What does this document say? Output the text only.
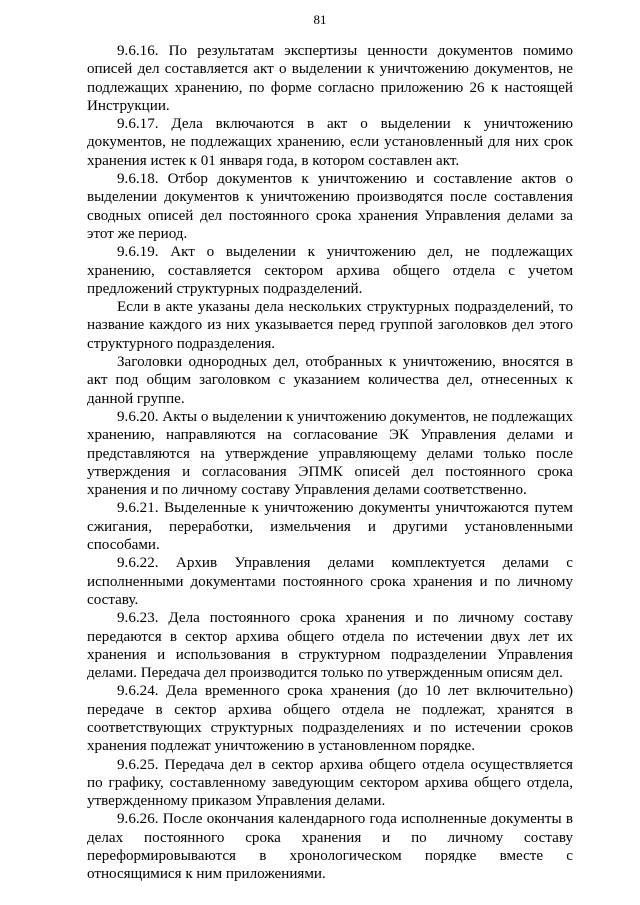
81

9.6.16. По результатам экспертизы ценности документов помимо описей дел составляется акт о выделении к уничтожению документов, не подлежащих хранению, по форме согласно приложению 26 к настоящей Инструкции.

9.6.17. Дела включаются в акт о выделении к уничтожению документов, не подлежащих хранению, если установленный для них срок хранения истек к 01 января года, в котором составлен акт.

9.6.18. Отбор документов к уничтожению и составление актов о выделении документов к уничтожению производятся после составления сводных описей дел постоянного срока хранения Управления делами за этот же период.

9.6.19. Акт о выделении к уничтожению дел, не подлежащих хранению, составляется сектором архива общего отдела с учетом предложений структурных подразделений.

Если в акте указаны дела нескольких структурных подразделений, то название каждого из них указывается перед группой заголовков дел этого структурного подразделения.

Заголовки однородных дел, отобранных к уничтожению, вносятся в акт под общим заголовком с указанием количества дел, отнесенных к данной группе.

9.6.20. Акты о выделении к уничтожению документов, не подлежащих хранению, направляются на согласование ЭК Управления делами и представляются на утверждение управляющему делами только после утверждения и согласования ЭПМК описей дел постоянного срока хранения и по личному составу Управления делами соответственно.

9.6.21. Выделенные к уничтожению документы уничтожаются путем сжигания, переработки, измельчения и другими установленными способами.

9.6.22. Архив Управления делами комплектуется делами с исполненными документами постоянного срока хранения и по личному составу.

9.6.23. Дела постоянного срока хранения и по личному составу передаются в сектор архива общего отдела по истечении двух лет их хранения и использования в структурном подразделении Управления делами. Передача дел производится только по утвержденным описям дел.

9.6.24. Дела временного срока хранения (до 10 лет включительно) передаче в сектор архива общего отдела не подлежат, хранятся в соответствующих структурных подразделениях и по истечении сроков хранения подлежат уничтожению в установленном порядке.

9.6.25. Передача дел в сектор архива общего отдела осуществляется по графику, составленному заведующим сектором архива общего отдела, утвержденному приказом Управления делами.

9.6.26. После окончания календарного года исполненные документы в делах постоянного срока хранения и по личному составу переформировываются в хронологическом порядке вместе с относящимися к ним приложениями.
